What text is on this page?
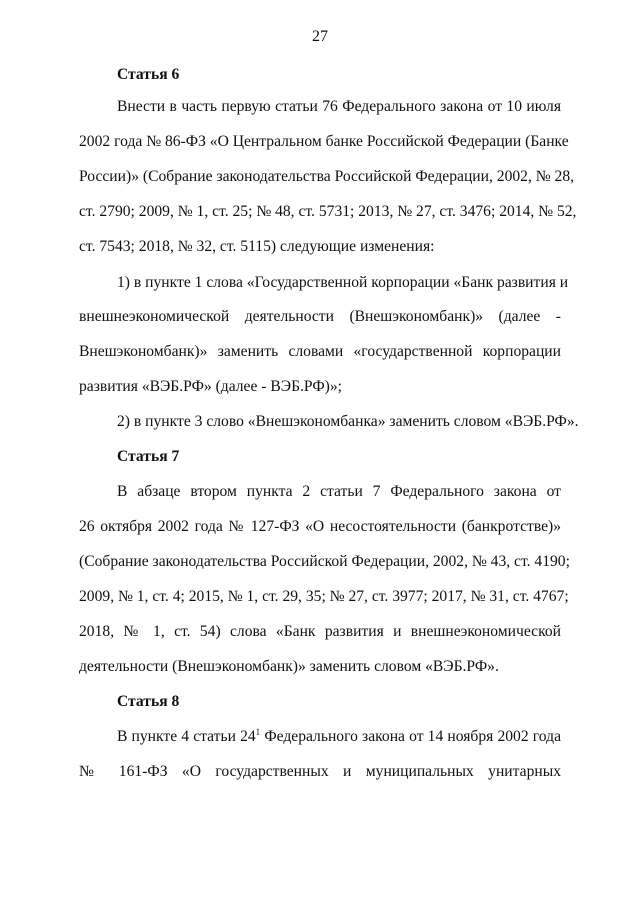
27
Статья 6
Внести в часть первую статьи 76 Федерального закона от 10 июля
2002 года № 86-ФЗ «О Центральном банке Российской Федерации (Банке
России)» (Собрание законодательства Российской Федерации, 2002, № 28,
ст. 2790; 2009, № 1, ст. 25; № 48, ст. 5731; 2013, № 27, ст. 3476; 2014, № 52,
ст. 7543; 2018, № 32, ст. 5115) следующие изменения:
1) в пункте 1 слова «Государственной корпорации «Банк развития и
внешнеэкономической деятельности (Внешэкономбанк)» (далее -
Внешэкономбанк)» заменить словами «государственной корпорации
развития «ВЭБ.РФ» (далее - ВЭБ.РФ)»;
2) в пункте 3 слово «Внешэкономбанка» заменить словом «ВЭБ.РФ».
Статья 7
В абзаце втором пункта 2 статьи 7 Федерального закона от
26 октября 2002 года № 127-ФЗ «О несостоятельности (банкротстве)»
(Собрание законодательства Российской Федерации, 2002, № 43, ст. 4190;
2009, № 1, ст. 4; 2015, № 1, ст. 29, 35; № 27, ст. 3977; 2017, № 31, ст. 4767;
2018, № 1, ст. 54) слова «Банк развития и внешнеэкономической
деятельности (Внешэкономбанк)» заменить словом «ВЭБ.РФ».
Статья 8
В пункте 4 статьи $24^1$ Федерального закона от 14 ноября 2002 года
№ 161-ФЗ «О государственных и муниципальных унитарных
